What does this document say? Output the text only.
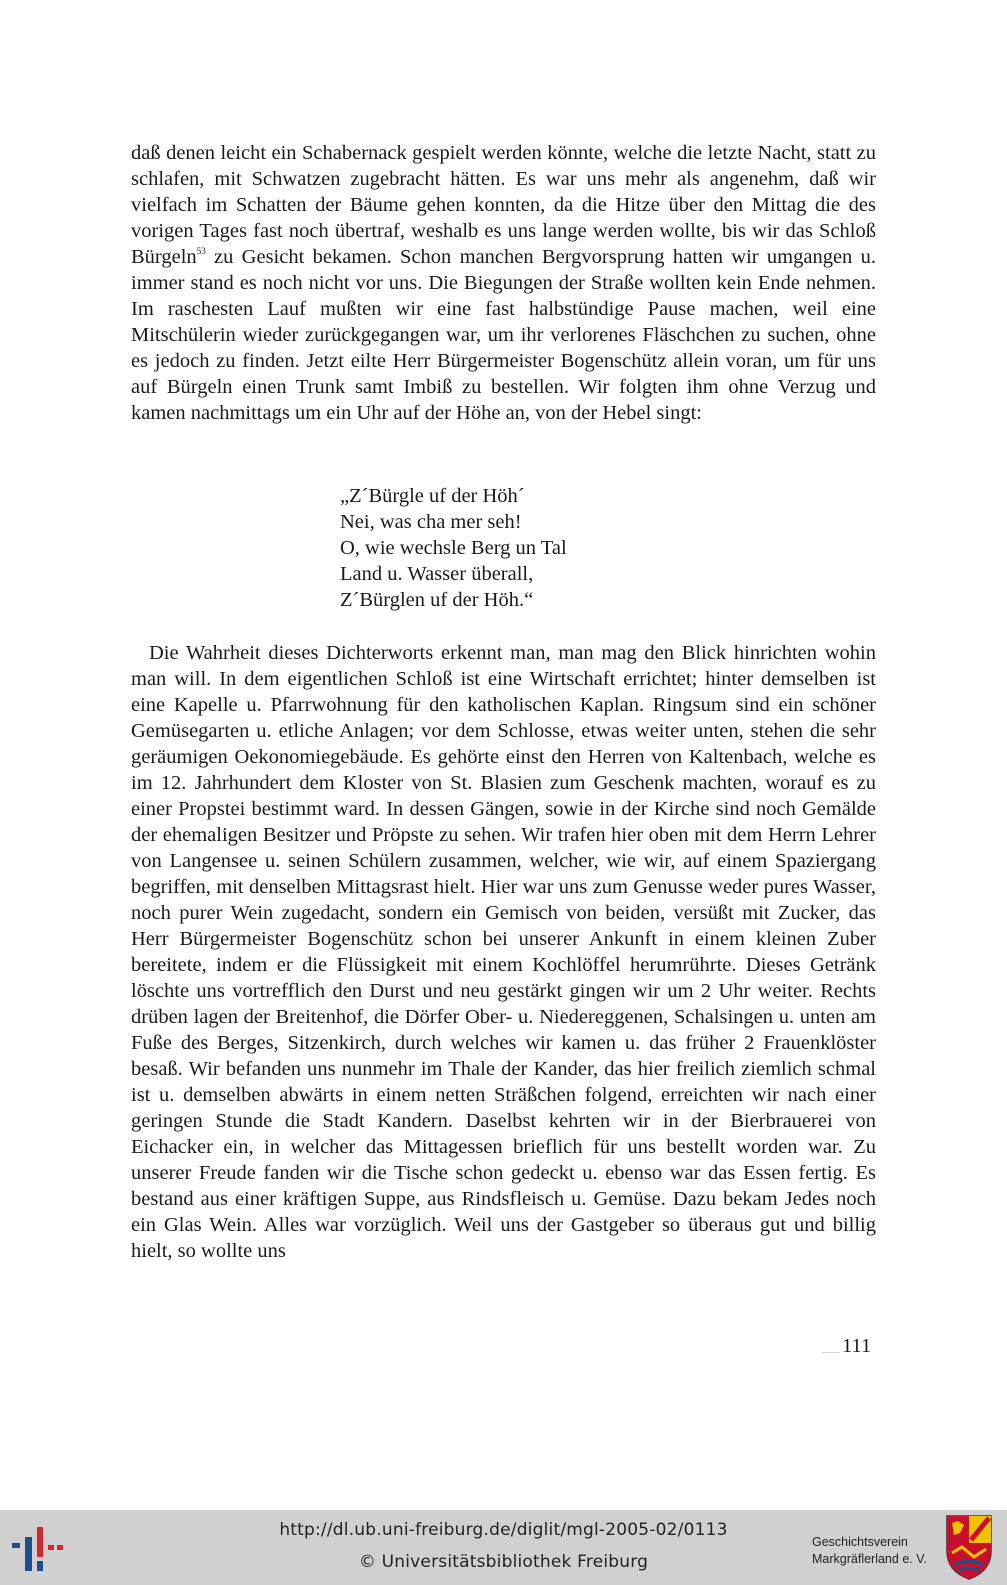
daß denen leicht ein Schabernack gespielt werden könnte, welche die letzte Nacht, statt zu schlafen, mit Schwatzen zugebracht hätten. Es war uns mehr als angenehm, daß wir vielfach im Schatten der Bäume gehen konnten, da die Hitze über den Mittag die des vorigen Tages fast noch übertraf, weshalb es uns lange werden wollte, bis wir das Schloß Bürgeln$^{53}$ zu Gesicht bekamen. Schon manchen Bergvorsprung hatten wir umgangen u. immer stand es noch nicht vor uns. Die Biegungen der Straße wollten kein Ende nehmen. Im raschesten Lauf mußten wir eine fast halbstündige Pause machen, weil eine Mitschülerin wieder zurückgegangen war, um ihr verlorenes Fläschchen zu suchen, ohne es jedoch zu finden. Jetzt eilte Herr Bürgermeister Bogenschütz allein voran, um für uns auf Bürgeln einen Trunk samt Imbiß zu bestellen. Wir folgten ihm ohne Verzug und kamen nachmittags um ein Uhr auf der Höhe an, von der Hebel singt:
„Z´Bürgle uf der Höh´
Nei, was cha mer seh!
O, wie wechsle Berg un Tal
Land u. Wasser überall,
Z´Bürglen uf der Höh.“
Die Wahrheit dieses Dichterworts erkennt man, man mag den Blick hinrichten wohin man will. In dem eigentlichen Schloß ist eine Wirtschaft errichtet; hinter demselben ist eine Kapelle u. Pfarrwohnung für den katholischen Kaplan. Ringsum sind ein schöner Gemüsegarten u. etliche Anlagen; vor dem Schlosse, etwas weiter unten, stehen die sehr geräumigen Oekonomiegebäude. Es gehörte einst den Herren von Kaltenbach, welche es im 12. Jahrhundert dem Kloster von St. Blasien zum Geschenk machten, worauf es zu einer Propstei bestimmt ward. In dessen Gängen, sowie in der Kirche sind noch Gemälde der ehemaligen Besitzer und Pröpste zu sehen. Wir trafen hier oben mit dem Herrn Lehrer von Langensee u. seinen Schülern zusammen, welcher, wie wir, auf einem Spaziergang begriffen, mit denselben Mittagsrast hielt. Hier war uns zum Genusse weder pures Wasser, noch purer Wein zugedacht, sondern ein Gemisch von beiden, versüßt mit Zucker, das Herr Bürgermeister Bogenschütz schon bei unserer Ankunft in einem kleinen Zuber bereitete, indem er die Flüssigkeit mit einem Kochlöffel herumrührte. Dieses Getränk löschte uns vortrefflich den Durst und neu gestärkt gingen wir um 2 Uhr weiter. Rechts drüben lagen der Breitenhof, die Dörfer Ober- u. Niedereggenen, Schalsingen u. unten am Fuße des Berges, Sitzenkirch, durch welches wir kamen u. das früher 2 Frauenklöster besaß. Wir befanden uns nunmehr im Thale der Kander, das hier freilich ziemlich schmal ist u. demselben abwärts in einem netten Sträßchen folgend, erreichten wir nach einer geringen Stunde die Stadt Kandern. Daselbst kehrten wir in der Bierbrauerei von Eichacker ein, in welcher das Mittagessen brieflich für uns bestellt worden war. Zu unserer Freude fanden wir die Tische schon gedeckt u. ebenso war das Essen fertig. Es bestand aus einer kräftigen Suppe, aus Rindsfleisch u. Gemüse. Dazu bekam Jedes noch ein Glas Wein. Alles war vorzüglich. Weil uns der Gastgeber so überaus gut und billig hielt, so wollte uns
111
http://dl.ub.uni-freiburg.de/diglit/mgl-2005-02/0113
© Universitätsbibliothek Freiburg
Geschichtsverein
Markgräflerland e. V.
